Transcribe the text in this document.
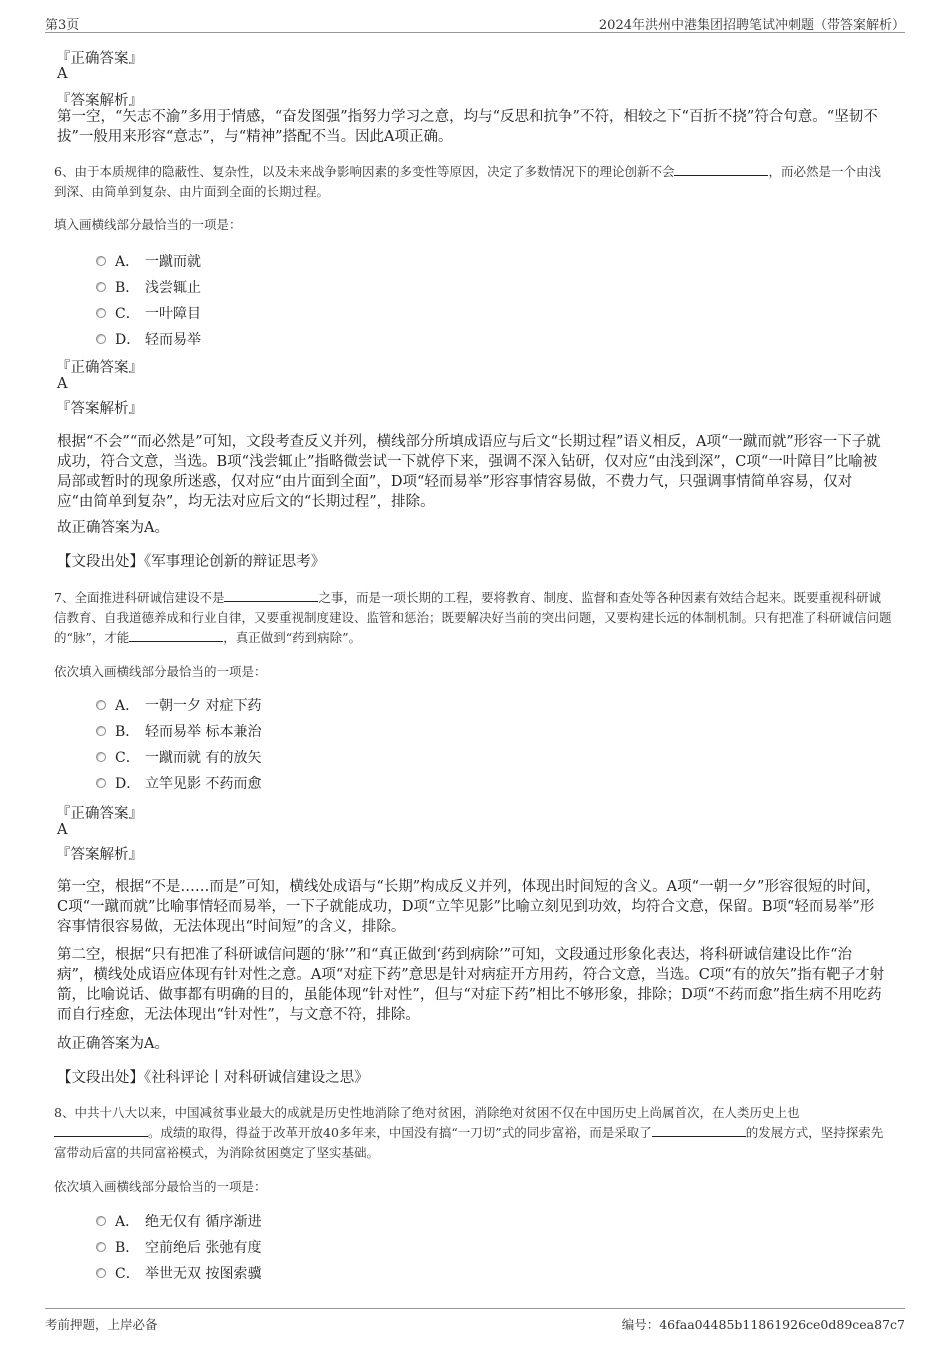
第3页	2024年洪州中港集团招聘笔试冲刺题（带答案解析）
『正确答案』
A
『答案解析』
第一空，“矢志不渝”多用于情感，“奋发图强”指努力学习之意，均与“反思和抗争”不符，相较之下“百折不挠”符合句意。“坚韧不拔”一般用来形容“意志”，与“精神”搭配不当。因此A项正确。
6、由于本质规律的隐蔽性、复杂性，以及未来战争影响因素的多变性等原因，决定了多数情况下的理论创新不会	，而必然是一个由浅到深、由简单到复杂、由片面到全面的长期过程。
填入画横线部分最恰当的一项是：
A． 一蹴而就
B． 浅尝辄止
C． 一叶障目
D． 轻而易举
『正确答案』
A
『答案解析』
根据“不会”“而必然是”可知，文段考查反义并列，横线部分所填成语应与后文“长期过程”语义相反，A项“一蹴而就”形容一下子就成功，符合文意，当选。B项“浅尝辄止”指略微尝试一下就停下来，强调不深入钻研，仅对应“由浅到深”，C项“一叶障目”比喻被局部或暂时的现象所迷惑，仅对应“由片面到全面”，D项“轻而易举”形容事情容易做，不费力气，只强调事情简单容易，仅对应“由简单到复杂”，均无法对应后文的“长期过程”，排除。
故正确答案为A。
【文段出处】《军事理论创新的辩证思考》
7、全面推进科研诚信建设不是	之事，而是一项长期的工程，要将教育、制度、监督和查处等各种因素有效结合起来。既要重视科研诚信教育、自我道德养成和行业自律，又要重视制度建设、监管和惩治；既要解决好当前的突出问题，又要构建长远的体制机制。只有把准了科研诚信问题的“脉”，才能	，真正做到“药到病除”。
依次填入画横线部分最恰当的一项是：
A． 一朝一夕 对症下药
B． 轻而易举 标本兼治
C． 一蹴而就 有的放矢
D． 立竿见影 不药而愈
『正确答案』
A
『答案解析』
第一空，根据“不是……而是”可知，横线处成语与“长期”构成反义并列，体现出时间短的含义。A项“一朝一夕”形容很短的时间，C项“一蹴而就”比喻事情轻而易举，一下子就能成功，D项“立竿见影”比喻立刻见到功效，均符合文意，保留。B项“轻而易举”形容事情很容易做，无法体现出“时间短”的含义，排除。
第二空，根据“只有把准了科研诚信问题的‘脉’”和“真正做到‘药到病除’”可知，文段通过形象化表达，将科研诚信建设比作“治病”，横线处成语应体现有针对性之意。A项“对症下药”意思是针对病症开方用药，符合文意，当选。C项“有的放矢”指有靶子才射箭，比喻说话、做事都有明确的目的，虽能体现“针对性”，但与“对症下药”相比不够形象，排除；D项“不药而愈”指生病不用吃药而自行痊愈，无法体现出“针对性”，与文意不符，排除。
故正确答案为A。
【文段出处】《社科评论丨对科研诚信建设之思》
8、中共十八大以来，中国减贫事业最大的成就是历史性地消除了绝对贫困，消除绝对贫困不仅在中国历史上尚属首次，在人类历史上也。成绩的取得，得益于改革开放40多年来，中国没有搞“一刀切”式的同步富裕，而是采取了	的发展方式，坚持探索先富带动后富的共同富裕模式，为消除贫困奠定了坚实基础。
依次填入画横线部分最恰当的一项是：
A． 绝无仅有 循序渐进
B． 空前绝后 张弛有度
C． 举世无双 按图索骥
考前押题，上岸必备	编号：46faa04485b11861926ce0d89cea87c7
